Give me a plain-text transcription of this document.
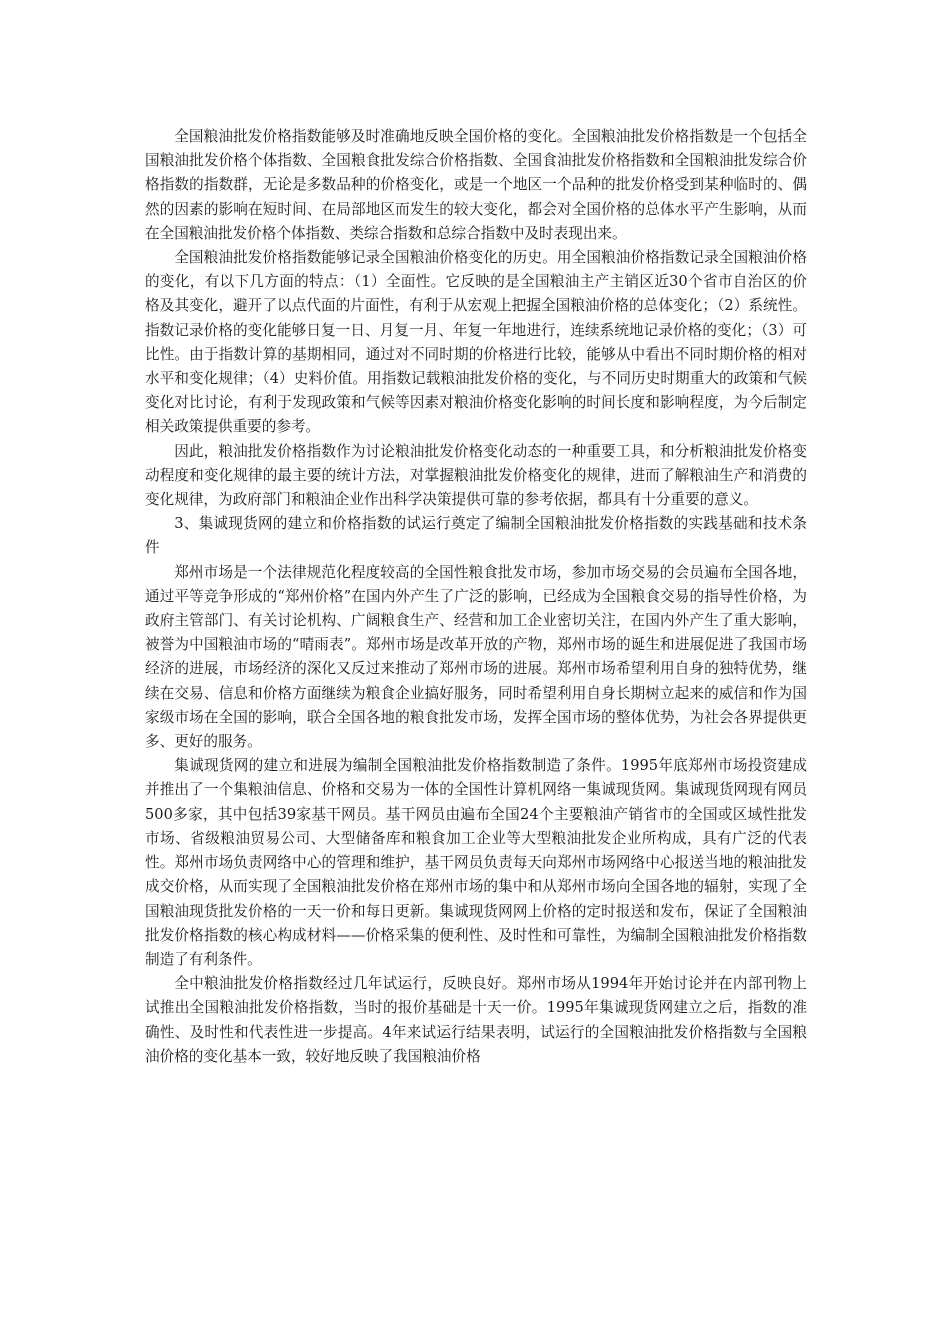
全国粮油批发价格指数能够及时准确地反映全国价格的变化。全国粮油批发价格指数是一个包括全国粮油批发价格个体指数、全国粮食批发综合价格指数、全国食油批发价格指数和全国粮油批发综合价格指数的指数群，无论是多数品种的价格变化，或是一个地区一个品种的批发价格受到某种临时的、偶然的因素的影响在短时间、在局部地区而发生的较大变化，都会对全国价格的总体水平产生影响，从而在全国粮油批发价格个体指数、类综合指数和总综合指数中及时表现出来。

全国粮油批发价格指数能够记录全国粮油价格变化的历史。用全国粮油价格指数记录全国粮油价格的变化，有以下几方面的特点：（1）全面性。它反映的是全国粮油主产主销区近30个省市自治区的价格及其变化，避开了以点代面的片面性，有利于从宏观上把握全国粮油价格的总体变化；（2）系统性。指数记录价格的变化能够日复一日、月复一月、年复一年地进行，连续系统地记录价格的变化；（3）可比性。由于指数计算的基期相同，通过对不同时期的价格进行比较，能够从中看出不同时期价格的相对水平和变化规律；（4）史料价值。用指数记载粮油批发价格的变化，与不同历史时期重大的政策和气候变化对比讨论，有利于发现政策和气候等因素对粮油价格变化影响的时间长度和影响程度，为今后制定相关政策提供重要的参考。

因此，粮油批发价格指数作为讨论粮油批发价格变化动态的一种重要工具，和分析粮油批发价格变动程度和变化规律的最主要的统计方法，对掌握粮油批发价格变化的规律，进而了解粮油生产和消费的变化规律，为政府部门和粮油企业作出科学决策提供可靠的参考依据，都具有十分重要的意义。

3、集诚现货网的建立和价格指数的试运行奠定了编制全国粮油批发价格指数的实践基础和技术条件

郑州市场是一个法律规范化程度较高的全国性粮食批发市场，参加市场交易的会员遍布全国各地，通过平等竞争形成的“郑州价格”在国内外产生了广泛的影响，已经成为全国粮食交易的指导性价格，为政府主管部门、有关讨论机构、广阔粮食生产、经营和加工企业密切关注，在国内外产生了重大影响，被誉为中国粮油市场的“晴雨表”。郑州市场是改革开放的产物，郑州市场的诞生和进展促进了我国市场经济的进展，市场经济的深化又反过来推动了郑州市场的进展。郑州市场希望利用自身的独特优势，继续在交易、信息和价格方面继续为粮食企业搞好服务，同时希望利用自身长期树立起来的威信和作为国家级市场在全国的影响，联合全国各地的粮食批发市场，发挥全国市场的整体优势，为社会各界提供更多、更好的服务。

集诚现货网的建立和进展为编制全国粮油批发价格指数制造了条件。1995年底郑州市场投资建成并推出了一个集粮油信息、价格和交易为一体的全国性计算机网络一集诚现货网。集诚现货网现有网员500多家，其中包括39家基干网员。基干网员由遍布全国24个主要粮油产销省市的全国或区域性批发市场、省级粮油贸易公司、大型储备库和粮食加工企业等大型粮油批发企业所构成，具有广泛的代表性。郑州市场负责网络中心的管理和维护，基干网员负责每天向郑州市场网络中心报送当地的粮油批发成交价格，从而实现了全国粮油批发价格在郑州市场的集中和从郑州市场向全国各地的辐射，实现了全国粮油现货批发价格的一天一价和每日更新。集诚现货网网上价格的定时报送和发布，保证了全国粮油批发价格指数的核心构成材料——价格采集的便利性、及时性和可靠性，为编制全国粮油批发价格指数制造了有利条件。

全中粮油批发价格指数经过几年试运行，反映良好。郑州市场从1994年开始讨论并在内部刊物上试推出全国粮油批发价格指数，当时的报价基础是十天一价。1995年集诚现货网建立之后，指数的准确性、及时性和代表性进一步提高。4年来试运行结果表明，试运行的全国粮油批发价格指数与全国粮油价格的变化基本一致，较好地反映了我国粮油价格
